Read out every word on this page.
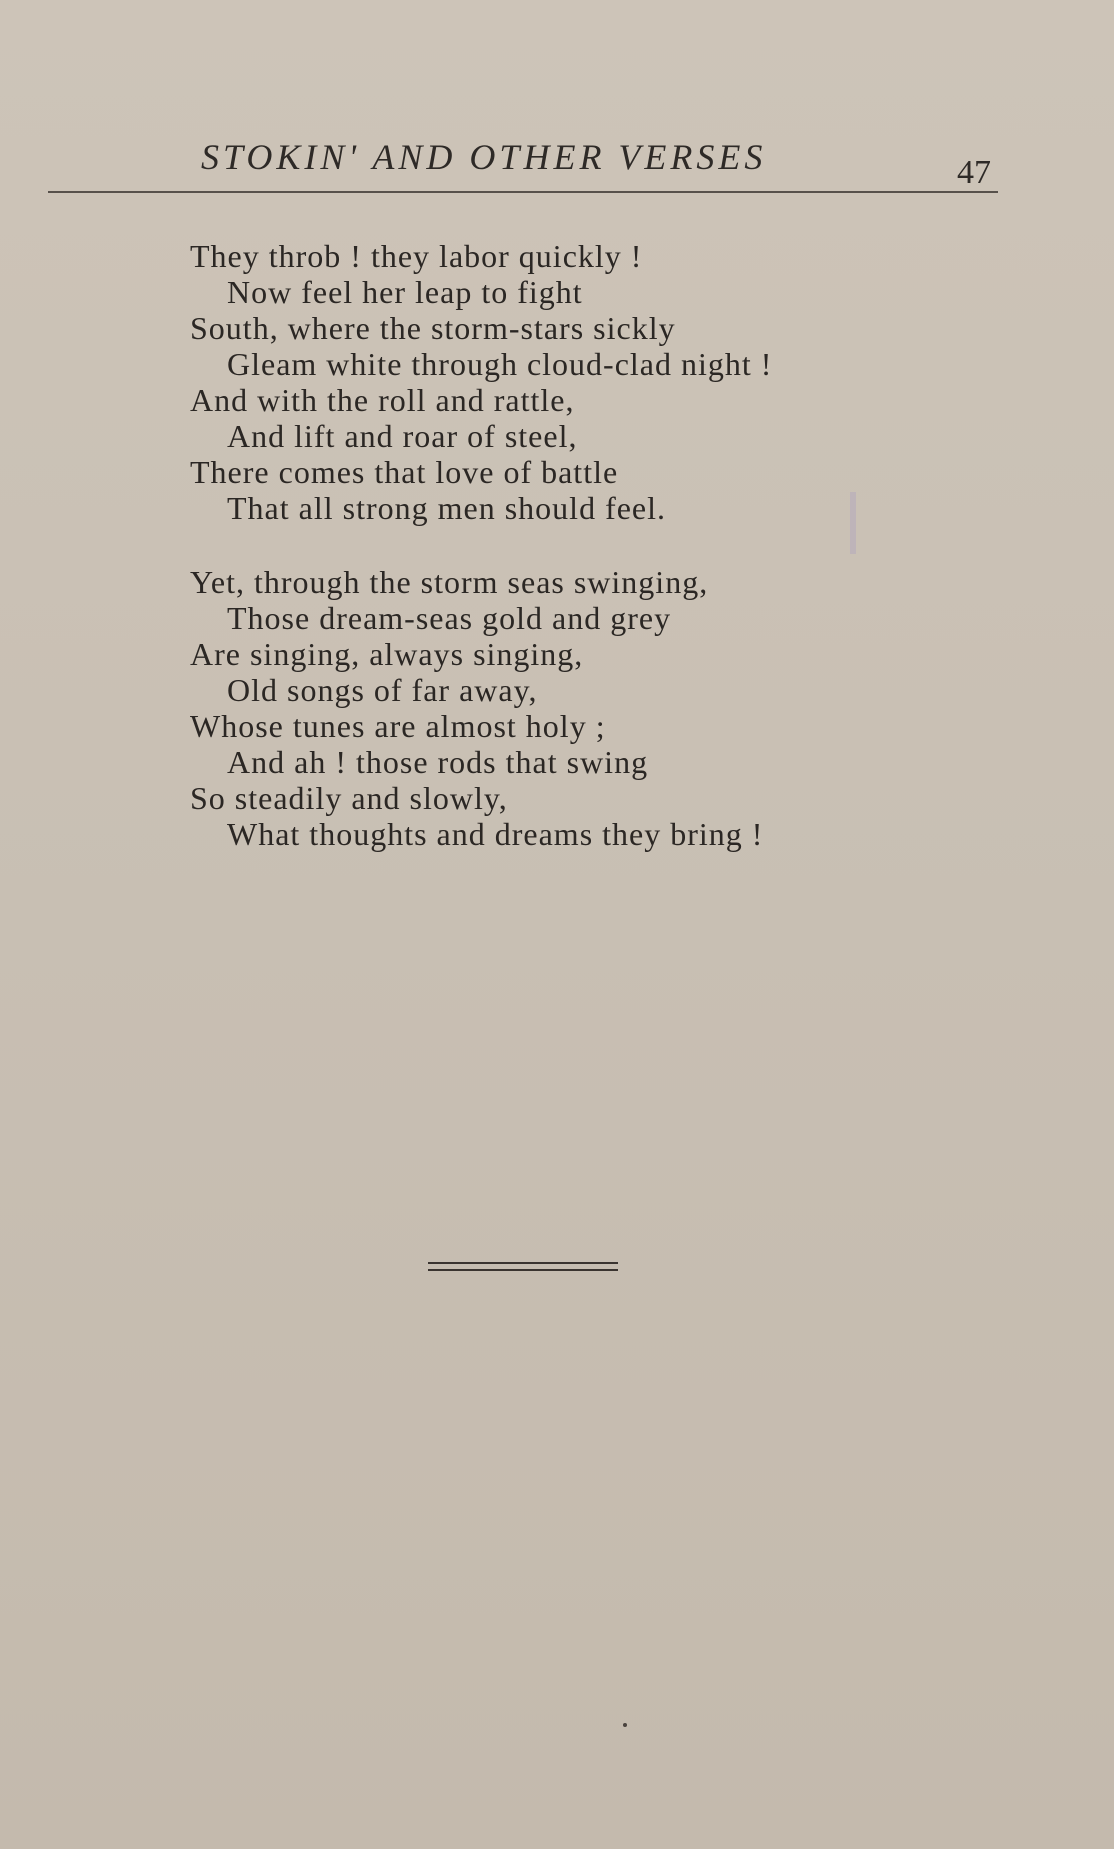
STOKIN' AND OTHER VERSES	47
They throb ! they labor quickly !
Now feel her leap to fight
South, where the storm-stars sickly
Gleam white through cloud-clad night !
And with the roll and rattle,
And lift and roar of steel,
There comes that love of battle
That all strong men should feel.
Yet, through the storm seas swinging,
Those dream-seas gold and grey
Are singing, always singing,
Old songs of far away,
Whose tunes are almost holy ;
And ah ! those rods that swing
So steadily and slowly,
What thoughts and dreams they bring !
